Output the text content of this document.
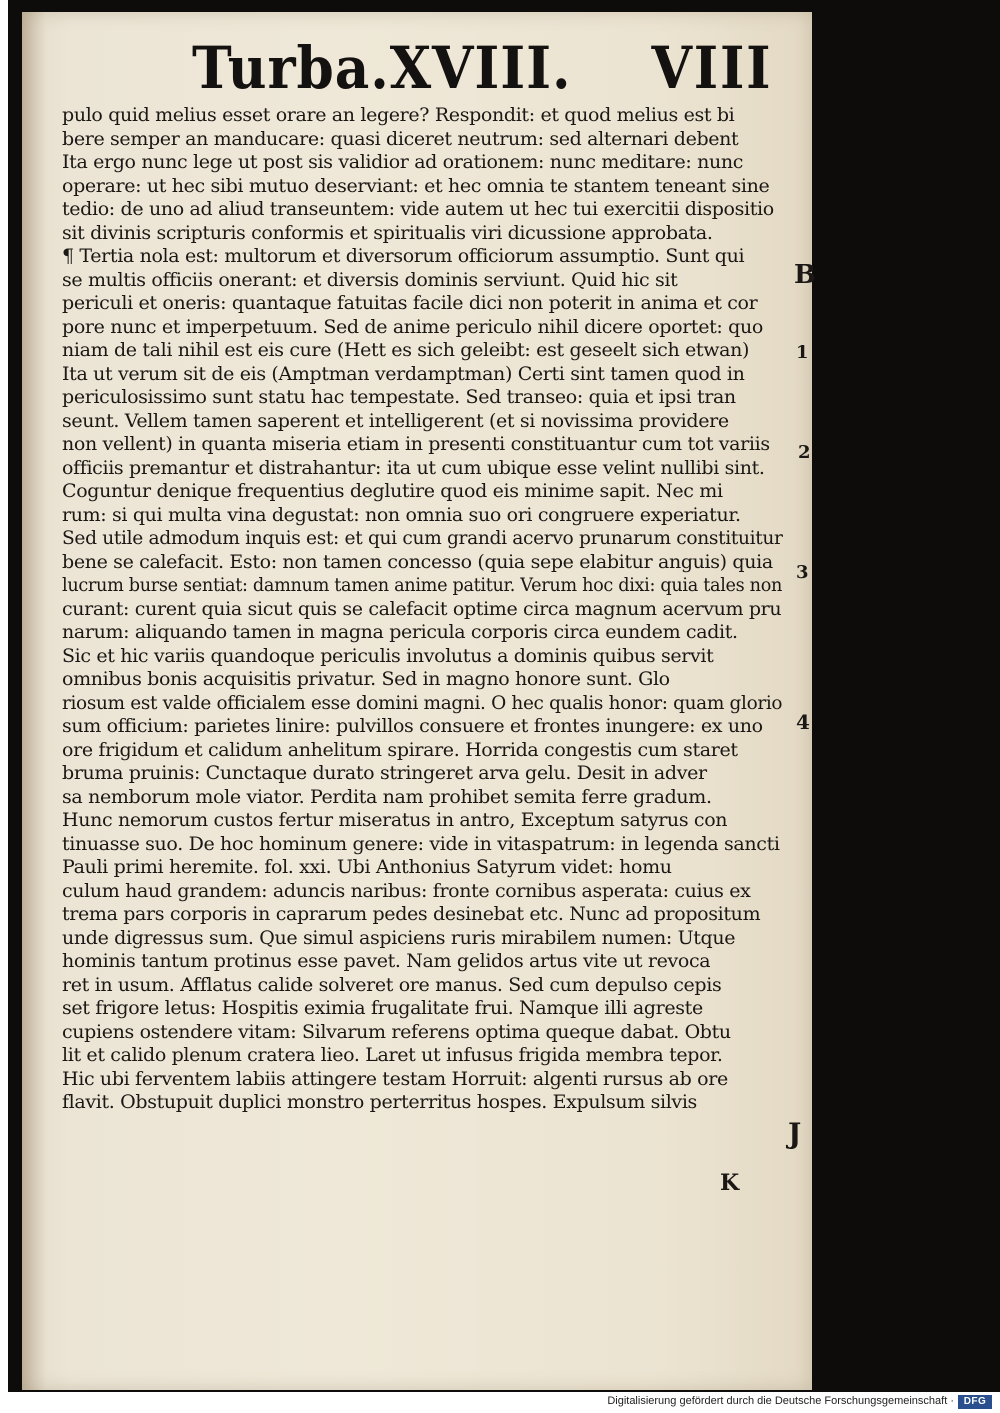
Turba.XVIII. VIII
pulo quid melius esset orare an legere? Respondit: et quod melius est bi
bere semper an manducare: quasi diceret neutrum: sed alternari debent
Ita ergo nunc lege ut post sis validior ad orationem: nunc meditare: nunc
operare: ut hec sibi mutuo deserviant: et hec omnia te stantem teneant sine
tedio: de uno ad aliud transeuntem: vide autem ut hec tui exercitii dispositio
sit divinis scripturis conformis et spiritualis viri dicussione approbata.
¶ Tertia nola est: multorum et diversorum officiorum assumptio. Sunt qui
se multis officiis onerant: et diversis dominis serviunt. Quid hic sit
periculi et oneris: quantaque fatuitas facile dici non poterit in anima et cor
pore nunc et imperpetuum. Sed de anime periculo nihil dicere oportet: quo
niam de tali nihil est eis cure (Hett es sich geleibt: est geseelt sich etwan)
Ita ut verum sit de eis (Amptman verdamptman) Certi sint tamen quod in
periculosissimo sunt statu hac tempestate. Sed transeo: quia et ipsi tran
seunt. Vellem tamen saperent et intelligerent (et si novissima providere
non vellent) in quanta miseria etiam in presenti constituantur cum tot variis
officiis premantur et distrahantur: ita ut cum ubique esse velint nullibi sint.
Coguntur denique frequentius deglutire quod eis minime sapit. Nec mi
rum: si qui multa vina degustat: non omnia suo ori congruere experiatur.
Sed utile admodum inquis est: et qui cum grandi acervo prunarum constituitur
bene se calefacit. Esto: non tamen concesso (quia sepe elabitur anguis) quia
lucrum burse sentiat: damnum tamen anime patitur. Verum hoc dixi: quia tales non
curant: curent quia sicut quis se calefacit optime circa magnum acervum pru
narum: aliquando tamen in magna pericula corporis circa eundem cadit.
Sic et hic variis quandoque periculis involutus a dominis quibus servit
omnibus bonis acquisitis privatur. Sed in magno honore sunt. Glo
riosum est valde officialem esse domini magni. O hec qualis honor: quam glorio
sum officium: parietes linire: pulvillos consuere et frontes inungere: ex uno
ore frigidum et calidum anhelitum spirare. Horrida congestis cum staret
bruma pruinis: Cunctaque durato stringeret arva gelu. Desit in adver
sa nemborum mole viator. Perdita nam prohibet semita ferre gradum.
Hunc nemorum custos fertur miseratus in antro, Exceptum satyrus con
tinuasse suo. De hoc hominum genere: vide in vitaspatrum: in legenda sancti
Pauli primi heremite. fol. xxi. Ubi Anthonius Satyrum videt: homu
culum haud grandem: aduncis naribus: fronte cornibus asperata: cuius ex
trema pars corporis in caprarum pedes desinebat etc. Nunc ad propositum
unde digressus sum. Que simul aspiciens ruris mirabilem numen: Utque
hominis tantum protinus esse pavet. Nam gelidos artus vite ut revoca
ret in usum. Afflatus calide solveret ore manus. Sed cum depulso cepis
set frigore letus: Hospitis eximia frugalitate frui. Namque illi agreste
cupiens ostendere vitam: Silvarum referens optima queque dabat. Obtu
lit et calido plenum cratera lieo. Laret ut infusus frigida membra tepor.
Hic ubi ferventem labiis attingere testam Horruit: algenti rursus ab ore
flavit. Obstupuit duplici monstro perterritus hospes. Expulsum silvis
B
1
2
3
4
J
K
Digitalisierung gefördert durch die Deutsche Forschungsgemeinschaft · DFG
